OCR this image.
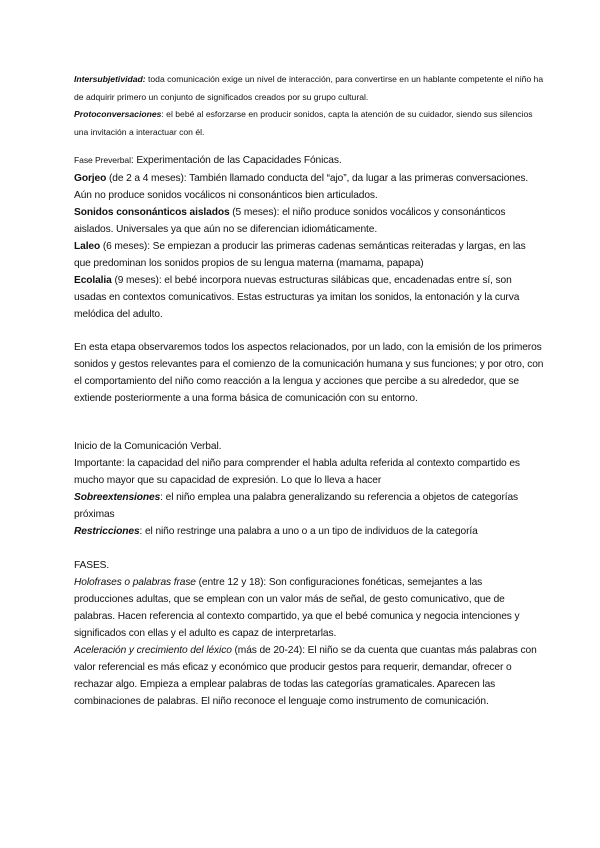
Intersubjetividad: toda comunicación exige un nivel de interacción, para convertirse en un hablante competente el niño ha de adquirir primero un conjunto de significados creados por su grupo cultural.

Protoconversaciones: el bebé al esforzarse en producir sonidos, capta la atención de su cuidador, siendo sus silencios una invitación a interactuar con él.

Fase Preverbal: Experimentación de las Capacidades Fónicas.

Gorjeo (de 2 a 4 meses): También llamado conducta del “ajo”, da lugar a las primeras conversaciones. Aún no produce sonidos vocálicos ni consonánticos bien articulados.

Sonidos consonánticos aislados (5 meses): el niño produce sonidos vocálicos y consonánticos aislados. Universales ya que aún no se diferencian idiomáticamente.

Laleo (6 meses): Se empiezan a producir las primeras cadenas semánticas reiteradas y largas, en las que predominan los sonidos propios de su lengua materna (mamama, papapa)

Ecolalia (9 meses): el bebé incorpora nuevas estructuras silábicas que, encadenadas entre sí, son usadas en contextos comunicativos. Estas estructuras ya imitan los sonidos, la entonación y la curva melódica del adulto.

En esta etapa observaremos todos los aspectos relacionados, por un lado, con la emisión de los primeros sonidos y gestos relevantes para el comienzo de la comunicación humana y sus funciones; y por otro, con el comportamiento del niño como reacción a la lengua y acciones que percibe a su alrededor, que se extiende posteriormente a una forma básica de comunicación con su entorno.

Inicio de la Comunicación Verbal.

Importante: la capacidad del niño para comprender el habla adulta referida al contexto compartido es mucho mayor que su capacidad de expresión. Lo que lo lleva a hacer

Sobreextensiones: el niño emplea una palabra generalizando su referencia a objetos de categorías próximas

Restricciones: el niño restringe una palabra a uno o a un tipo de individuos de la categoría

FASES.

Holofrases o palabras frase (entre 12 y 18): Son configuraciones fonéticas, semejantes a las producciones adultas, que se emplean con un valor más de señal, de gesto comunicativo, que de palabras. Hacen referencia al contexto compartido, ya que el bebé comunica y negocia intenciones y significados con ellas y el adulto es capaz de interpretarlas.

Aceleración y crecimiento del léxico (más de 20-24): El niño se da cuenta que cuantas más palabras con valor referencial es más eficaz y económico que producir gestos para requerir, demandar, ofrecer o rechazar algo. Empieza a emplear palabras de todas las categorías gramaticales. Aparecen las combinaciones de palabras. El niño reconoce el lenguaje como instrumento de comunicación.
